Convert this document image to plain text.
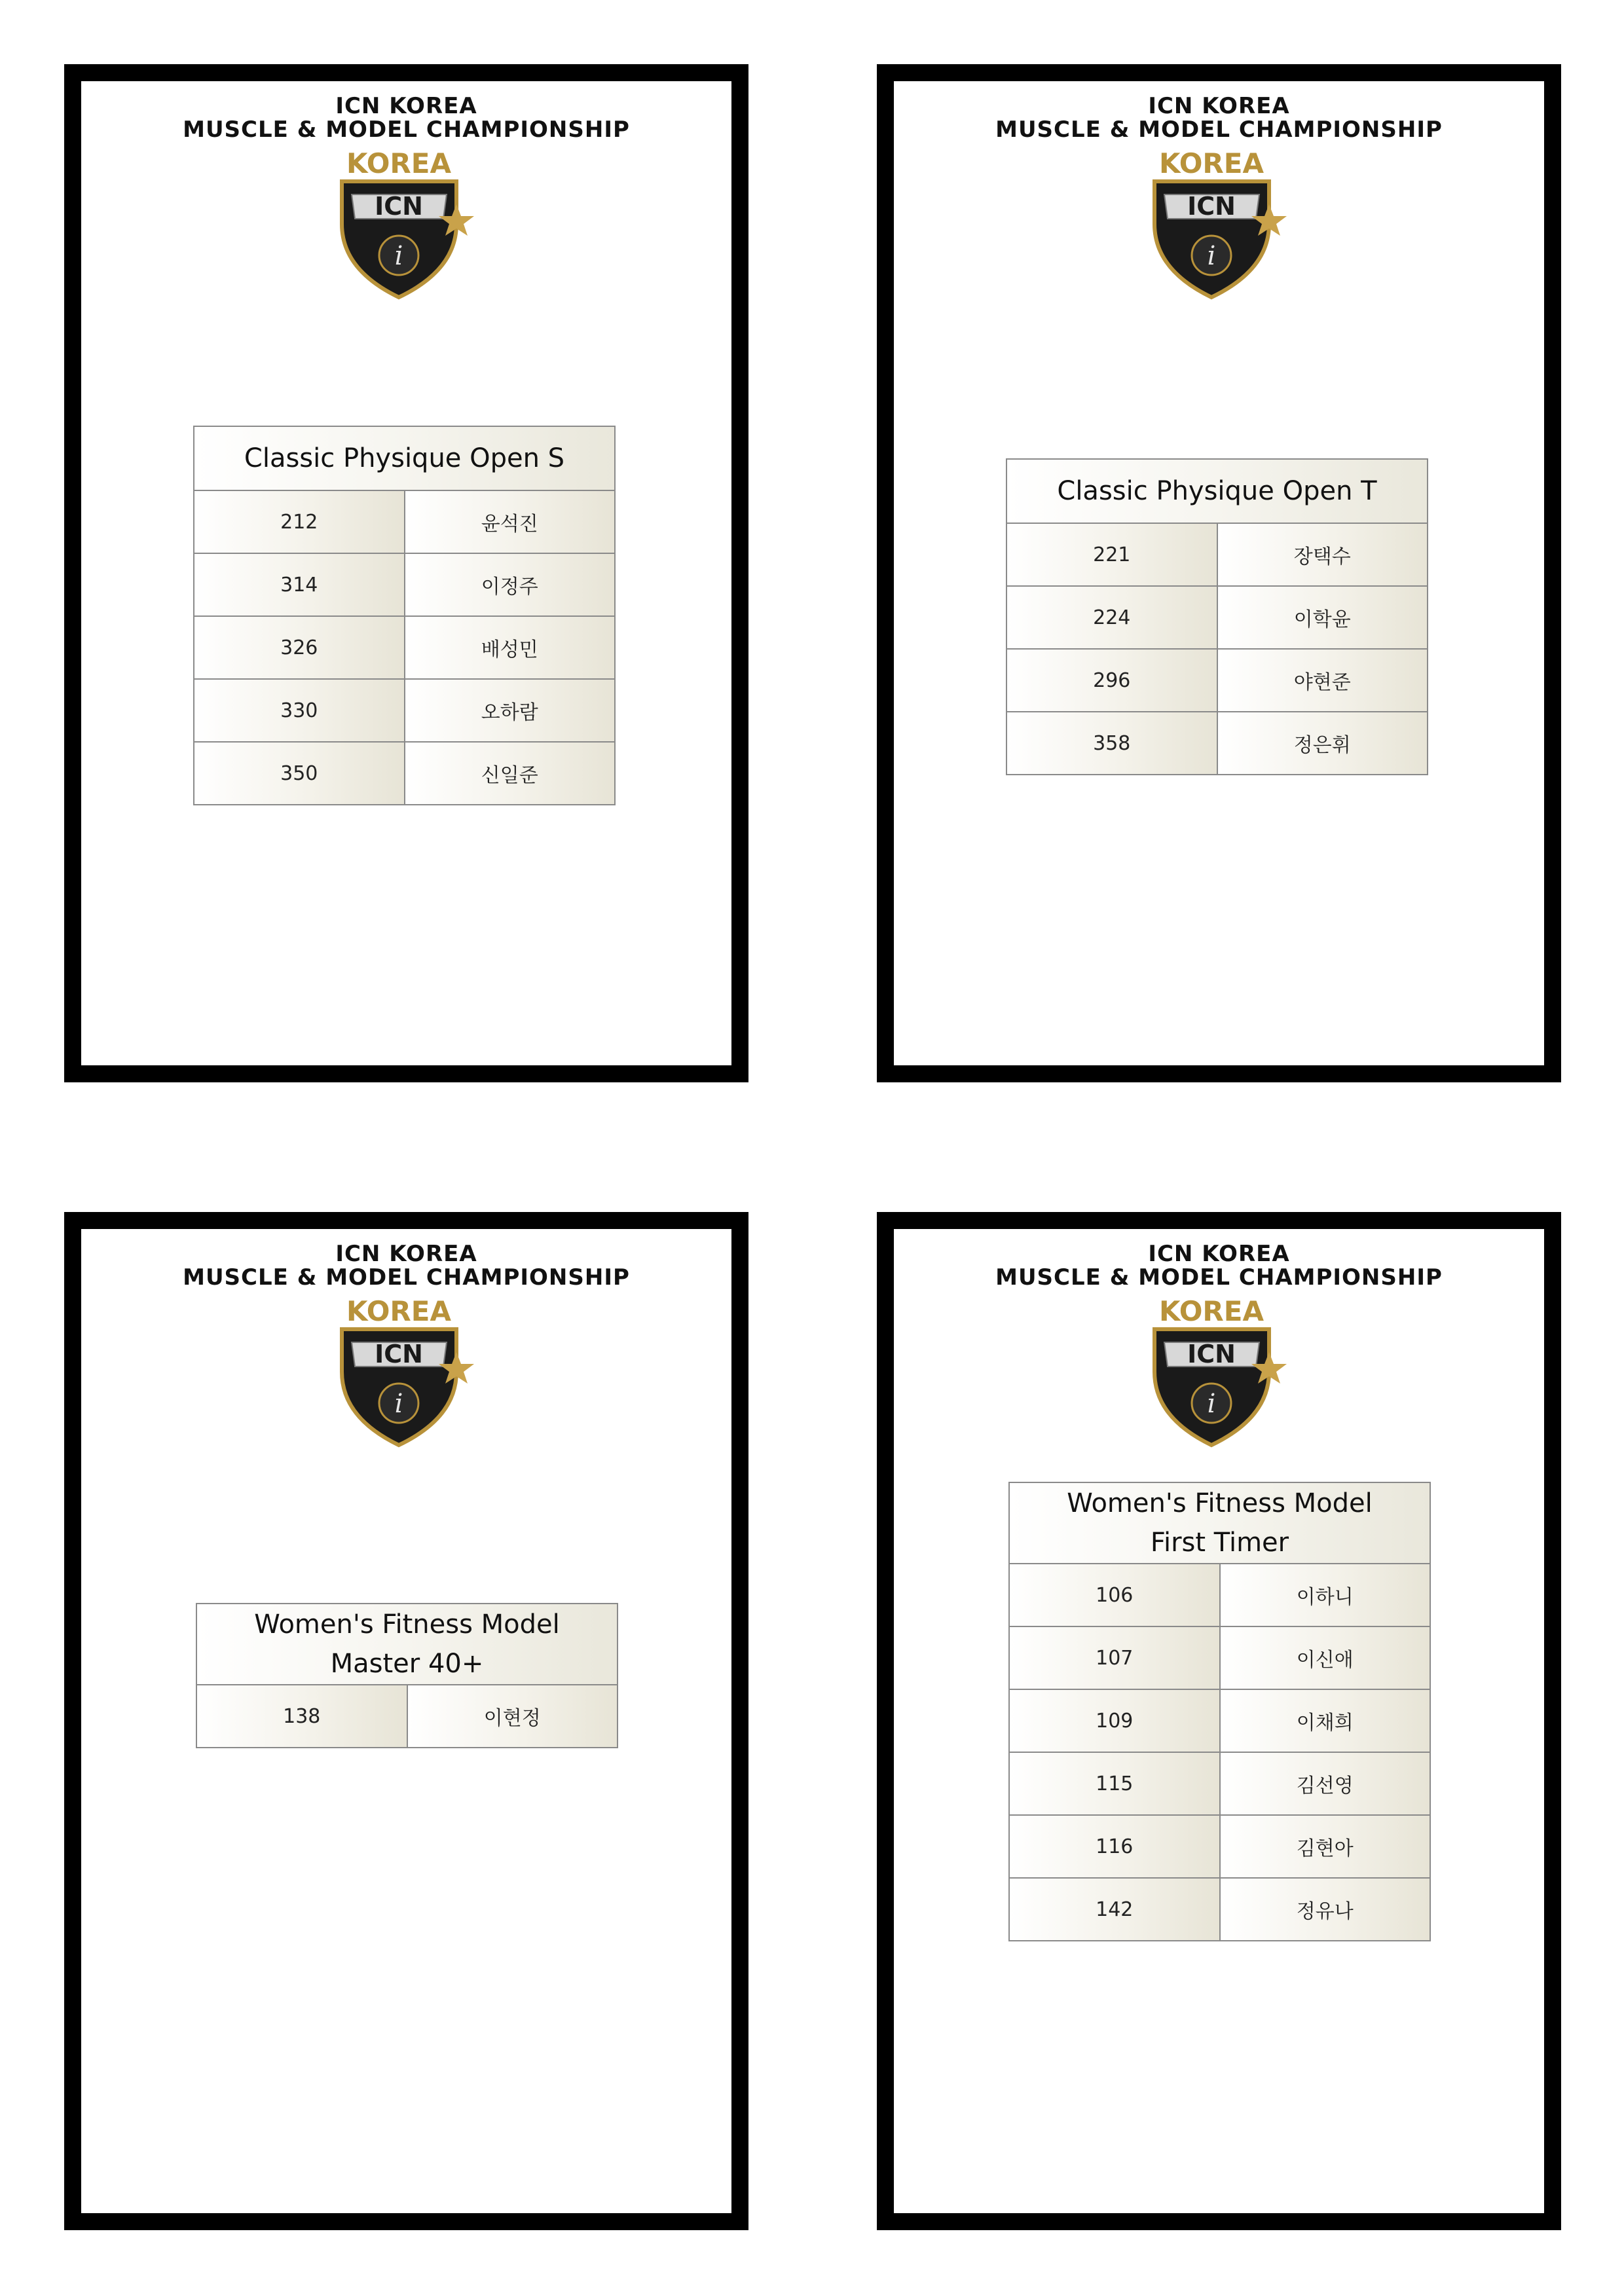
ICN KOREA
MUSCLE & MODEL CHAMPIONSHIP
KOREA
ICN
i
Classic Physique Open S	
212	윤석진
314	이정주
326	배성민
330	오하람
350	신일준
ICN KOREA
MUSCLE & MODEL CHAMPIONSHIP
KOREA
ICN
i
Classic Physique Open T	
221	장택수
224	이학윤
296	야현준
358	정은휘
ICN KOREA
MUSCLE & MODEL CHAMPIONSHIP
KOREA
ICN
i
Women's Fitness Model
Master 40+
138	이현정
ICN KOREA
MUSCLE & MODEL CHAMPIONSHIP
KOREA
ICN
i
Women's Fitness Model
First Timer	
106	이하니
107	이신애
109	이채희
115	김선영
116	김현아
142	정유나
